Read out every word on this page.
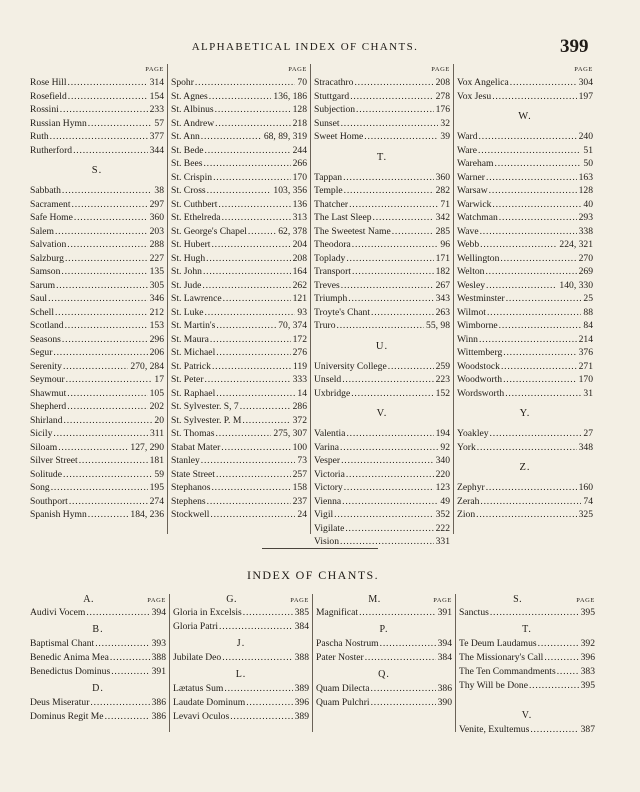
ALPHABETICAL INDEX OF CHANTS.	399
PAGE
Rose Hill .....	314
Rosefield .....	154
Rossini .....	233
Russian Hymn .....	57
Ruth .....	377
Rutherford .....	344
S.
Sabbath .....	38
Sacrament .....	297
Safe Home .....	360
Salem .....	203
Salvation .....	288
Salzburg .....	227
Samson .....	135
Sarum .....	305
Saul .....	346
Schell .....	212
Scotland .....	153
Seasons .....	296
Segur .....	206
Serenity .....	270, 284
Seymour .....	17
Shawmut .....	105
Shepherd .....	202
Shirland .....	20
Sicily .....	311
Siloam .....	127, 290
Silver Street .....	181
Solitude .....	59
Song .....	195
Southport .....	274
Spanish Hymn .....	184, 236
PAGE
Spohr .....	70
St. Agnes .....	136, 186
St. Albinus .....	128
St. Andrew .....	218
St. Ann .....	68, 89, 319
St. Bede .....	244
St. Bees .....	266
St. Crispin .....	170
St. Cross .....	103, 356
St. Cuthbert .....	136
St. Ethelreda .....	313
St. George's Chapel .....	62, 378
St. Hubert .....	204
St. Hugh .....	208
St. John .....	164
St. Jude .....	262
St. Lawrence .....	121
St. Luke .....	93
St. Martin's .....	70, 374
St. Maura .....	172
St. Michael .....	276
St. Patrick .....	119
St. Peter .....	333
St. Raphael .....	14
St. Sylvester. S, 7 .....	286
St. Sylvester. P. M .....	372
St. Thomas .....	275, 307
Stabat Mater .....	100
Stanley .....	73
State Street .....	257
Stephanos .....	158
Stephens .....	237
Stockwell .....	24
PAGE
Stracathro .....	208
Stuttgard .....	278
Subjection .....	176
Sunset .....	32
Sweet Home .....	39
T.
Tappan .....	360
Temple .....	282
Thatcher .....	71
The Last Sleep .....	342
The Sweetest Name .....	285
Theodora .....	96
Toplady .....	171
Transport .....	182
Treves .....	267
Triumph .....	343
Troyte's Chant .....	263
Truro .....	55, 98
U.
University College .....	259
Unseld .....	223
Uxbridge .....	152
V.
Valentia .....	194
Varina .....	92
Vesper .....	340
Victoria .....	220
Victory .....	123
Vienna .....	49
Vigil .....	352
Vigilate .....	222
Vision .....	331
PAGE
Vox Angelica .....	304
Vox Jesu .....	197
W.
Ward .....	240
Ware .....	51
Wareham .....	50
Warner .....	163
Warsaw .....	128
Warwick .....	40
Watchman .....	293
Wave .....	338
Webb .....	224, 321
Wellington .....	270
Welton .....	269
Wesley .....	140, 330
Westminster .....	25
Wilmot .....	88
Wimborne .....	84
Winn .....	214
Wittemberg .....	376
Woodstock .....	271
Woodworth .....	170
Wordsworth .....	31
Y.
Yoakley .....	27
York .....	348
Z.
Zephyr .....	160
Zerah .....	74
Zion .....	325
INDEX OF CHANTS.
A.	PAGE
Audivi Vocem .....	394
B.
Baptismal Chant .....	393
Benedic Anima Mea .....	388
Benedictus Dominus .....	391
D.
Deus Miseratur .....	386
Dominus Regit Me .....	386
G.	PAGE
Gloria in Excelsis .....	385
Gloria Patri .....	384
J.
Jubilate Deo .....	388
L.
Lætatus Sum .....	389
Laudate Dominum .....	396
Levavi Oculos .....	389
M.	PAGE
Magnificat .....	391
P.
Pascha Nostrum .....	394
Pater Noster .....	384
Q.
Quam Dilecta .....	386
Quam Pulchri .....	390
S.	PAGE
Sanctus .....	395
T.
Te Deum Laudamus .....	392
The Missionary's Call .....	396
The Ten Commandments .....	383
Thy Will be Done .....	395
V.
Venite, Exultemus .....	387
